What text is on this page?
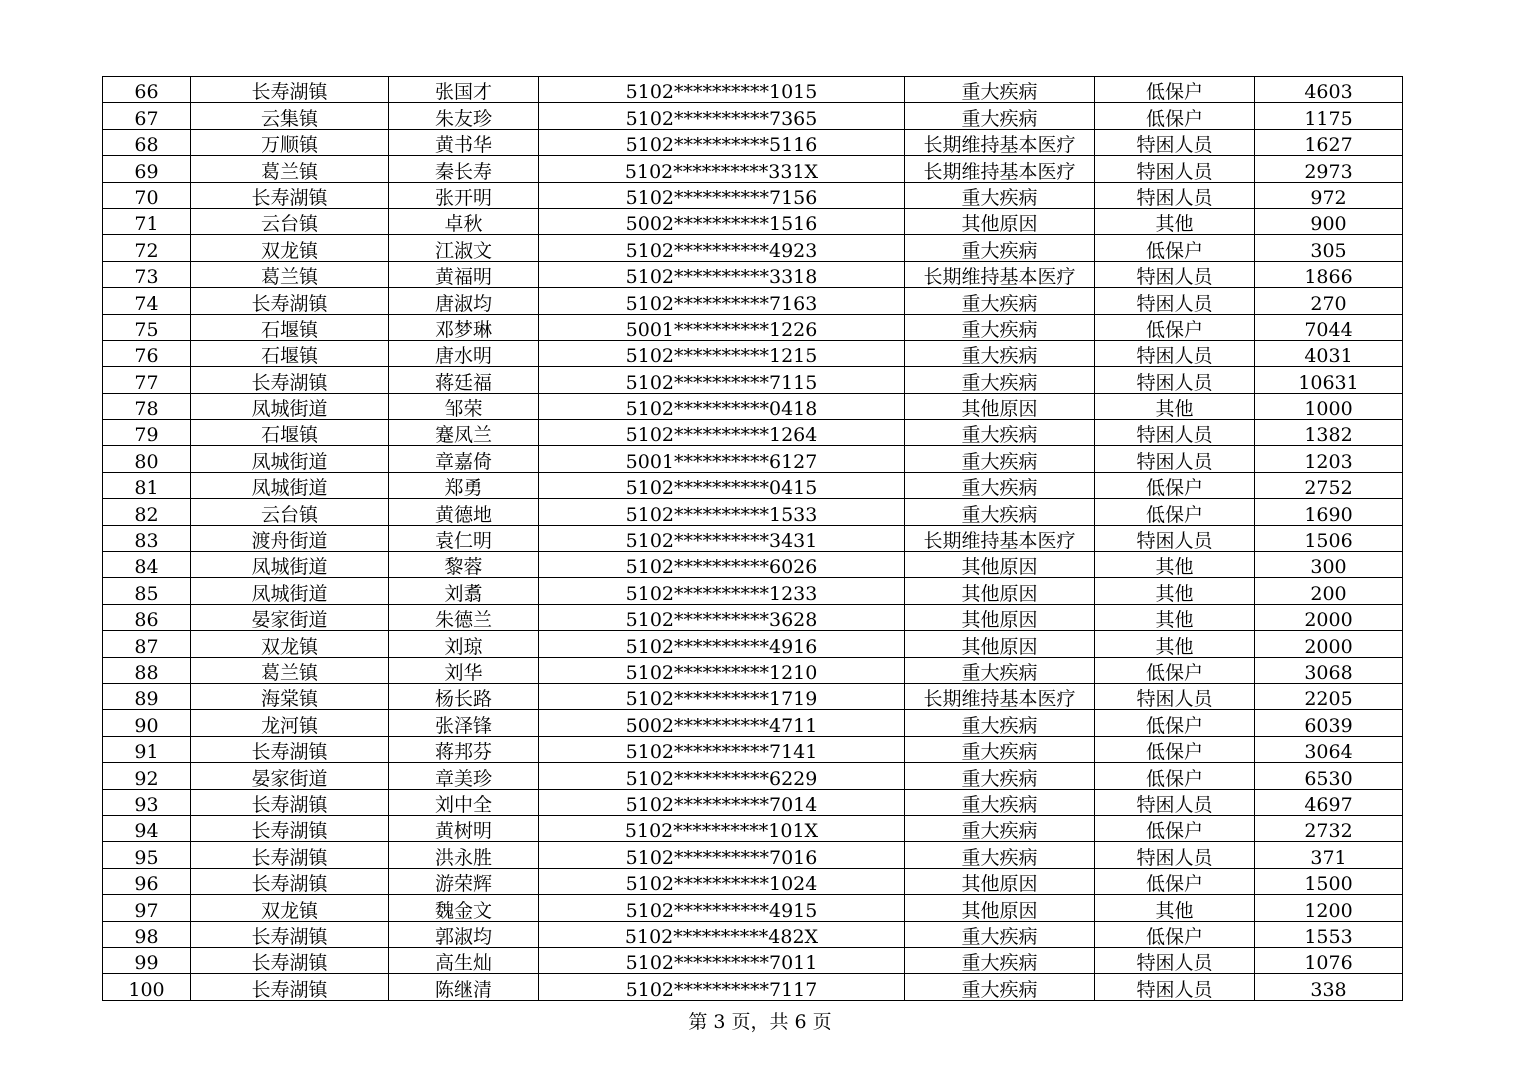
66	长寿湖镇	张国才	5102**********1015	重大疾病	低保户	4603
67	云集镇	朱友珍	5102**********7365	重大疾病	低保户	1175
68	万顺镇	黄书华	5102**********5116	长期维持基本医疗	特困人员	1627
69	葛兰镇	秦长寿	5102**********331X	长期维持基本医疗	特困人员	2973
70	长寿湖镇	张开明	5102**********7156	重大疾病	特困人员	972
71	云台镇	卓秋	5002**********1516	其他原因	其他	900
72	双龙镇	江淑文	5102**********4923	重大疾病	低保户	305
73	葛兰镇	黄福明	5102**********3318	长期维持基本医疗	特困人员	1866
74	长寿湖镇	唐淑均	5102**********7163	重大疾病	特困人员	270
75	石堰镇	邓梦琳	5001**********1226	重大疾病	低保户	7044
76	石堰镇	唐水明	5102**********1215	重大疾病	特困人员	4031
77	长寿湖镇	蒋廷福	5102**********7115	重大疾病	特困人员	10631
78	凤城街道	邹荣	5102**********0418	其他原因	其他	1000
79	石堰镇	蹇凤兰	5102**********1264	重大疾病	特困人员	1382
80	凤城街道	章嘉倚	5001**********6127	重大疾病	特困人员	1203
81	凤城街道	郑勇	5102**********0415	重大疾病	低保户	2752
82	云台镇	黄德地	5102**********1533	重大疾病	低保户	1690
83	渡舟街道	袁仁明	5102**********3431	长期维持基本医疗	特困人员	1506
84	凤城街道	黎蓉	5102**********6026	其他原因	其他	300
85	凤城街道	刘翥	5102**********1233	其他原因	其他	200
86	晏家街道	朱德兰	5102**********3628	其他原因	其他	2000
87	双龙镇	刘琼	5102**********4916	其他原因	其他	2000
88	葛兰镇	刘华	5102**********1210	重大疾病	低保户	3068
89	海棠镇	杨长路	5102**********1719	长期维持基本医疗	特困人员	2205
90	龙河镇	张泽锋	5002**********4711	重大疾病	低保户	6039
91	长寿湖镇	蒋邦芬	5102**********7141	重大疾病	低保户	3064
92	晏家街道	章美珍	5102**********6229	重大疾病	低保户	6530
93	长寿湖镇	刘中全	5102**********7014	重大疾病	特困人员	4697
94	长寿湖镇	黄树明	5102**********101X	重大疾病	低保户	2732
95	长寿湖镇	洪永胜	5102**********7016	重大疾病	特困人员	371
96	长寿湖镇	游荣辉	5102**********1024	其他原因	低保户	1500
97	双龙镇	魏金文	5102**********4915	其他原因	其他	1200
98	长寿湖镇	郭淑均	5102**********482X	重大疾病	低保户	1553
99	长寿湖镇	高生灿	5102**********7011	重大疾病	特困人员	1076
100	长寿湖镇	陈继清	5102**********7117	重大疾病	特困人员	338
第 3 页，共 6 页
